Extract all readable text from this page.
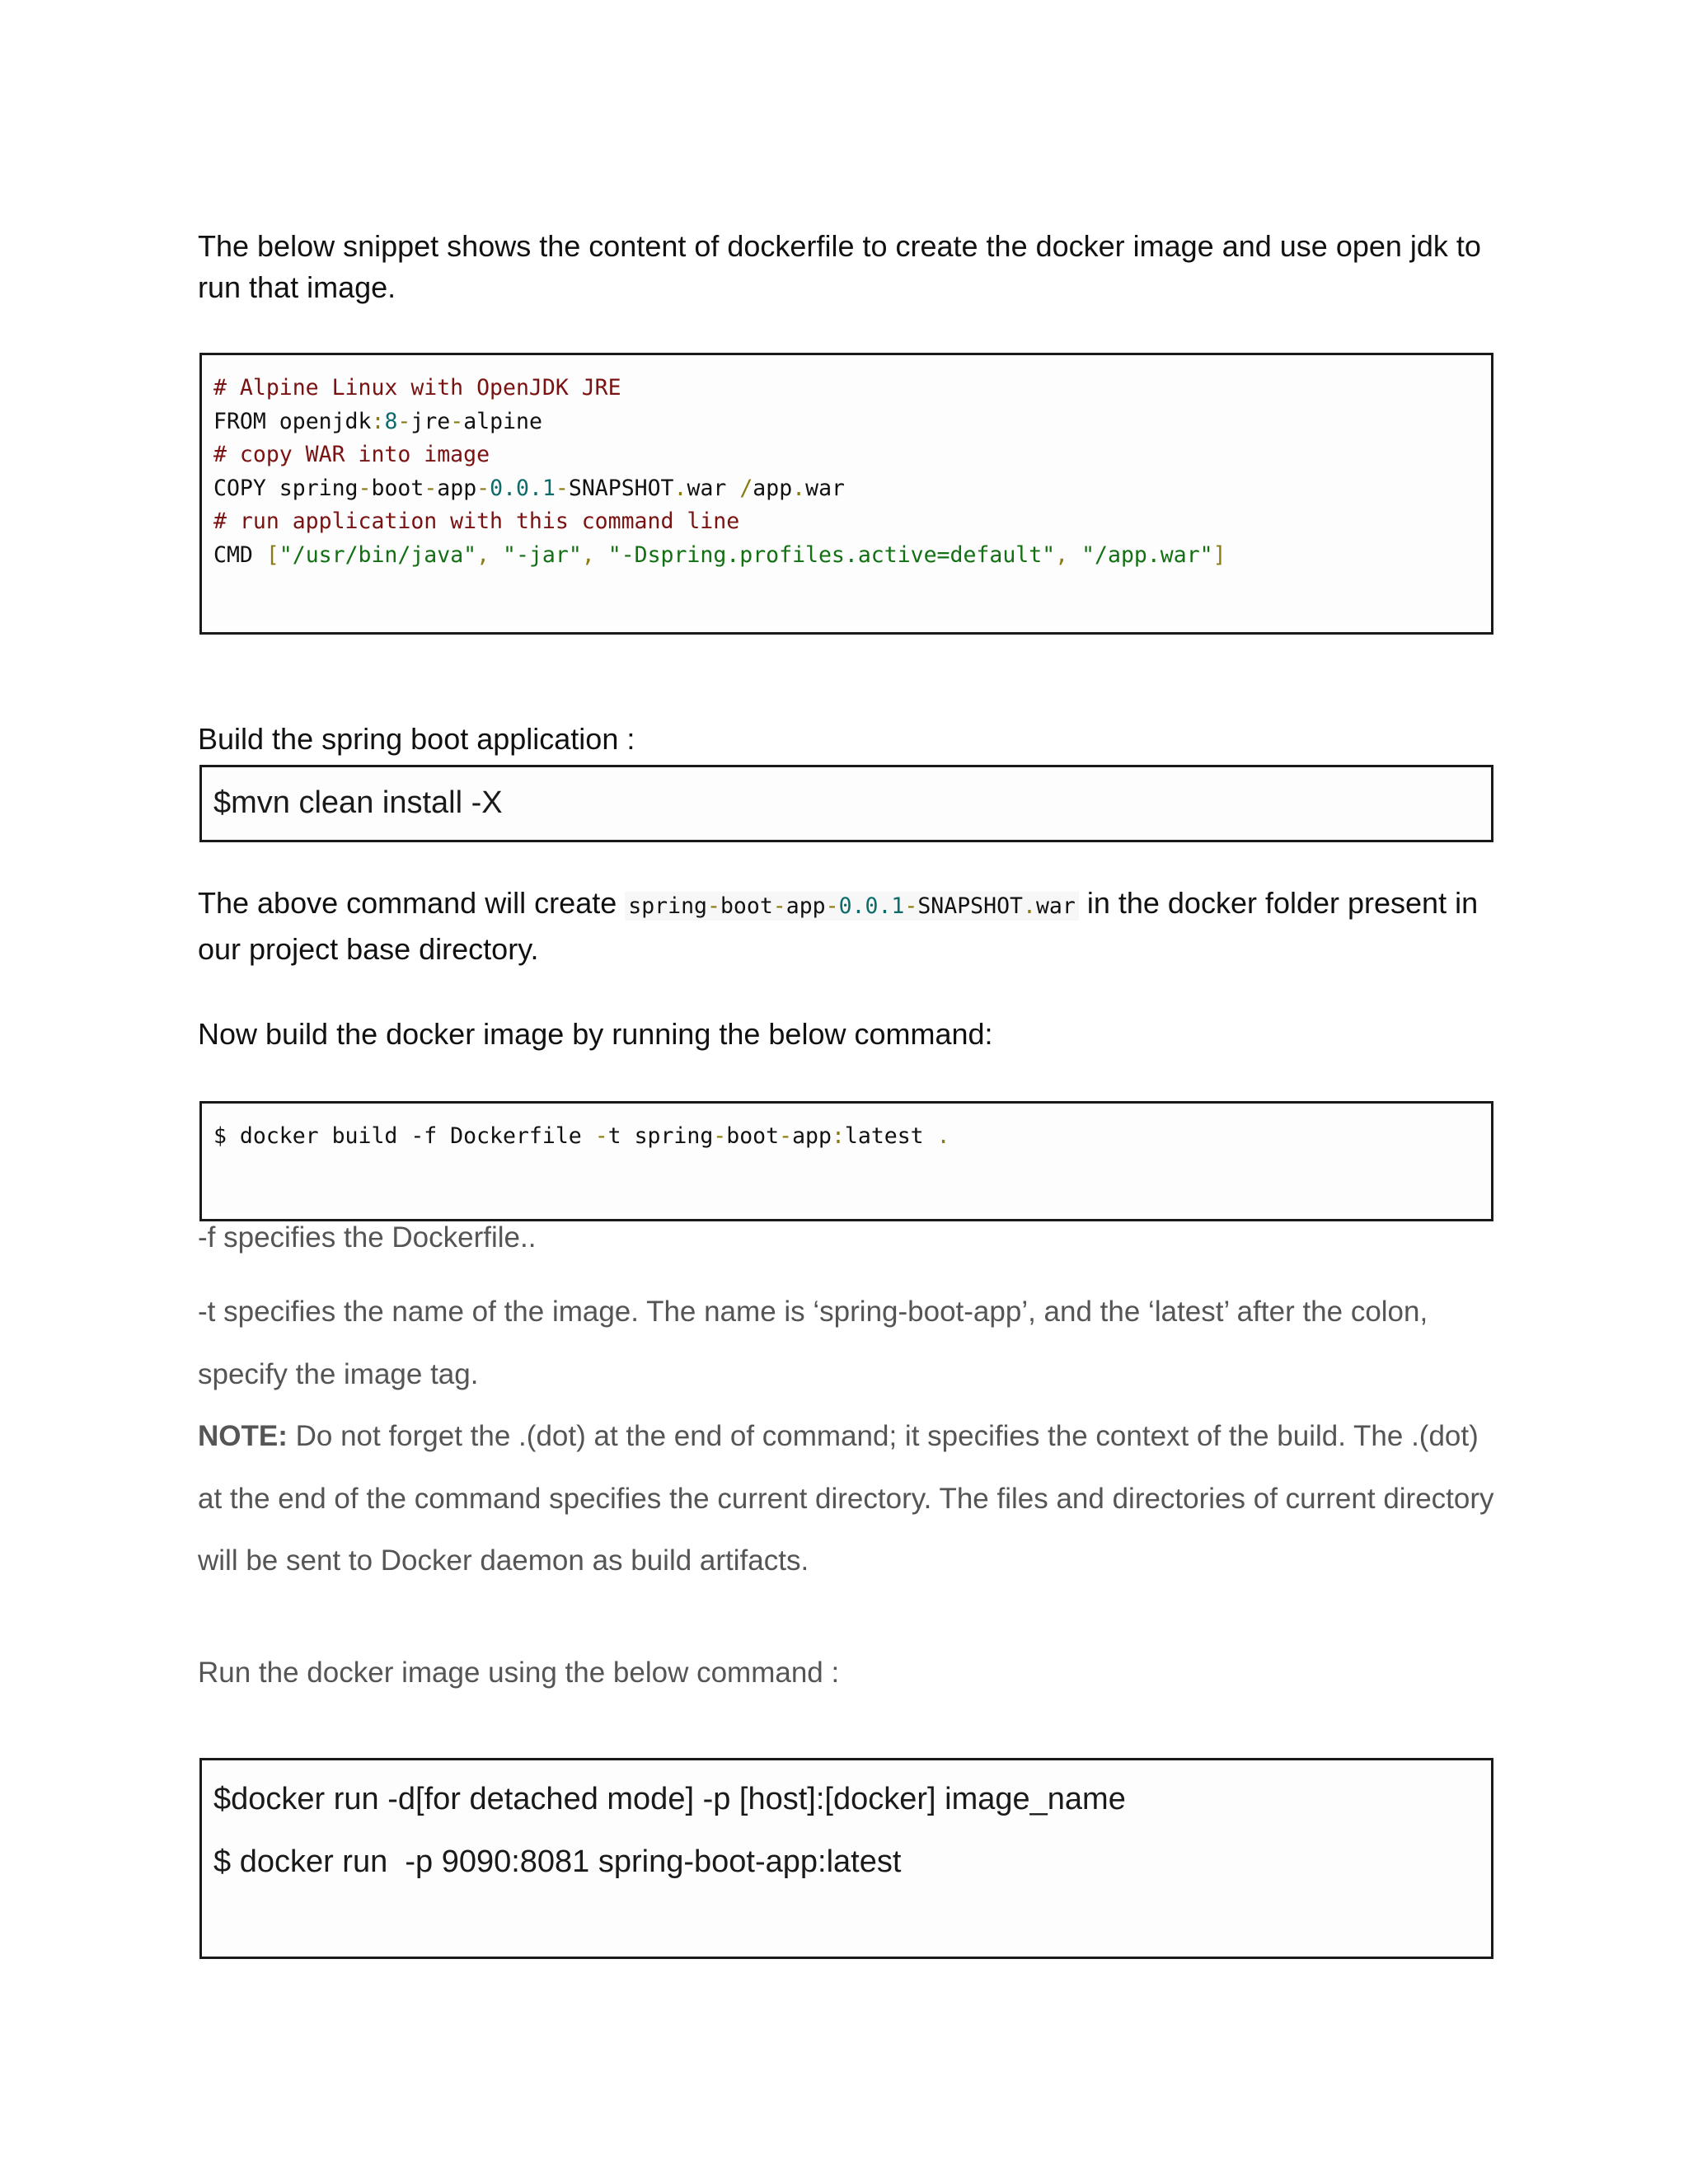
The below snippet shows the content of dockerfile to create the docker image and use open jdk to run that image.

# Alpine Linux with OpenJDK JRE
FROM openjdk:8-jre-alpine
# copy WAR into image
COPY spring-boot-app-0.0.1-SNAPSHOT.war /app.war
# run application with this command line
CMD ["/usr/bin/java", "-jar", "-Dspring.profiles.active=default", "/app.war"]

Build the spring boot application :

$mvn clean install -X

The above command will create spring-boot-app-0.0.1-SNAPSHOT.war in the docker folder present in our project base directory.

Now build the docker image by running the below command:

$ docker build -f Dockerfile -t spring-boot-app:latest .

-f specifies the Dockerfile..

-t specifies the name of the image. The name is ‘spring-boot-app’, and the ‘latest’ after the colon, specify the image tag.

NOTE: Do not forget the .(dot) at the end of command; it specifies the context of the build. The .(dot) at the end of the command specifies the current directory. The files and directories of current directory will be sent to Docker daemon as build artifacts.

Run the docker image using the below command :

$docker run -d[for detached mode] -p [host]:[docker] image_name
$ docker run  -p 9090:8081 spring-boot-app:latest
